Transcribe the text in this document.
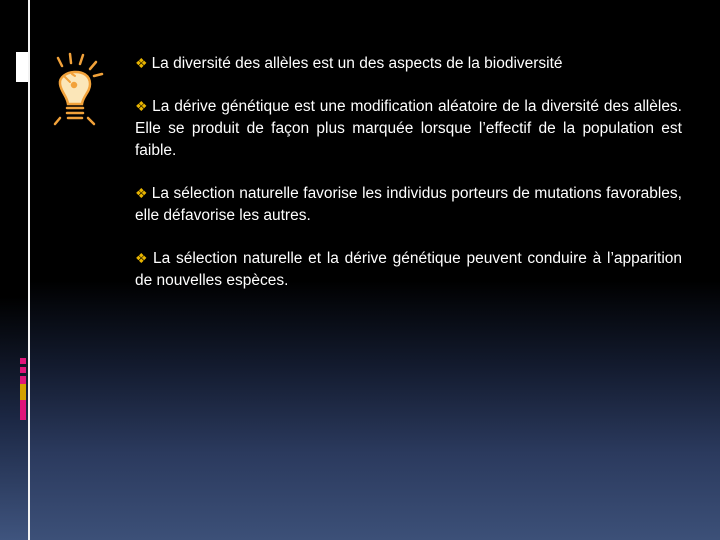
❖ La diversité des allèles est un des aspects de la biodiversité
❖ La dérive génétique est une modification aléatoire de la diversité des allèles. Elle se produit de façon plus marquée lorsque l’effectif de la population est faible.
❖ La sélection naturelle favorise les individus porteurs de mutations favorables, elle défavorise les autres.
❖ La sélection naturelle et la dérive génétique peuvent conduire à l’apparition de nouvelles espèces.
